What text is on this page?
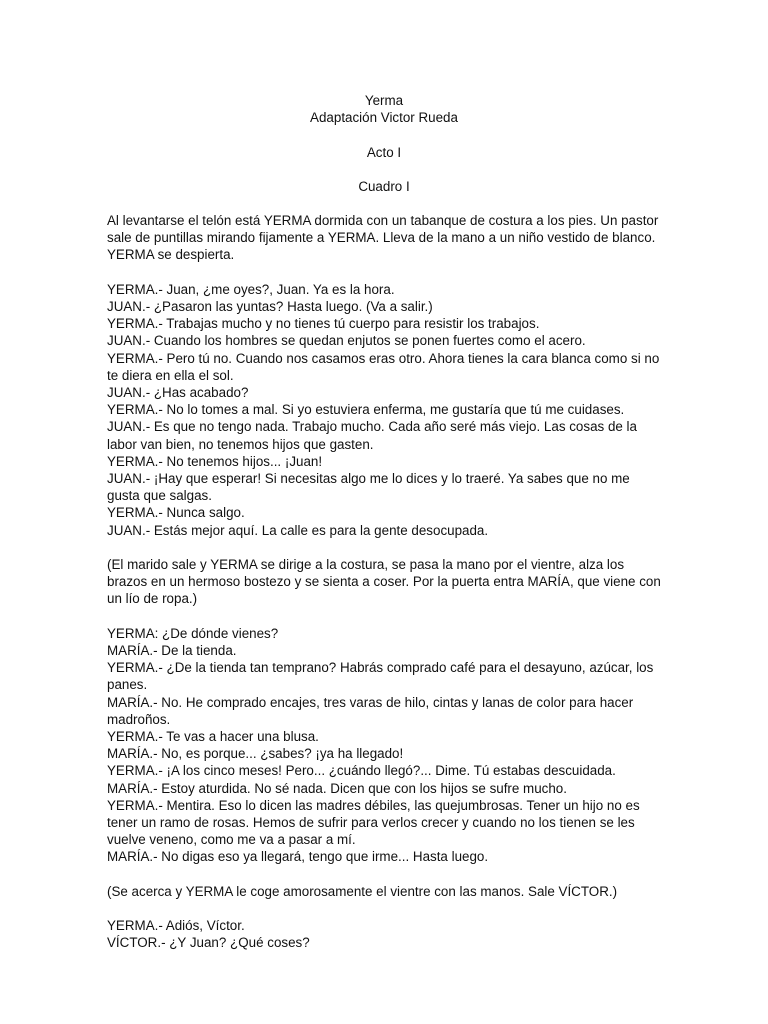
Yerma
Adaptación Victor Rueda
Acto I
Cuadro I

Al levantarse el telón está YERMA dormida con un tabanque de costura a los pies. Un pastor sale de puntillas mirando fijamente a YERMA. Lleva de la mano a un niño vestido de blanco. YERMA se despierta.

YERMA.- Juan, ¿me oyes?, Juan. Ya es la hora.

JUAN.- ¿Pasaron las yuntas? Hasta luego. (Va a salir.)

YERMA.- Trabajas mucho y no tienes tú cuerpo para resistir los trabajos.

JUAN.- Cuando los hombres se quedan enjutos se ponen fuertes como el acero.

YERMA.- Pero tú no. Cuando nos casamos eras otro. Ahora tienes la cara blanca como si no te diera en ella el sol.

JUAN.- ¿Has acabado?

YERMA.- No lo tomes a mal. Si yo estuviera enferma, me gustaría que tú me cuidases.

JUAN.- Es que no tengo nada. Trabajo mucho. Cada año seré más viejo. Las cosas de la labor van bien, no tenemos hijos que gasten.

YERMA.- No tenemos hijos... ¡Juan!

JUAN.- ¡Hay que esperar! Si necesitas algo me lo dices y lo traeré. Ya sabes que no me gusta que salgas.

YERMA.- Nunca salgo.

JUAN.- Estás mejor aquí. La calle es para la gente desocupada.

(El marido sale y YERMA se dirige a la costura, se pasa la mano por el vientre, alza los brazos en un hermoso bostezo y se sienta a coser. Por la puerta entra MARÍA, que viene con un lío de ropa.)

YERMA: ¿De dónde vienes?

MARÍA.- De la tienda.

YERMA.- ¿De la tienda tan temprano? Habrás comprado café para el desayuno, azúcar, los panes.

MARÍA.- No. He comprado encajes, tres varas de hilo, cintas y lanas de color para hacer madroños.

YERMA.- Te vas a hacer una blusa.

MARÍA.- No, es porque... ¿sabes? ¡ya ha llegado!

YERMA.- ¡A los cinco meses! Pero... ¿cuándo llegó?... Dime. Tú estabas descuidada.

MARÍA.- Estoy aturdida. No sé nada. Dicen que con los hijos se sufre mucho.

YERMA.- Mentira. Eso lo dicen las madres débiles, las quejumbrosas. Tener un hijo no es tener un ramo de rosas. Hemos de sufrir para verlos crecer y cuando no los tienen se les vuelve veneno, como me va a pasar a mí.

MARÍA.- No digas eso ya llegará, tengo que irme... Hasta luego.

(Se acerca y YERMA le coge amorosamente el vientre con las manos. Sale VÍCTOR.)

YERMA.- Adiós, Víctor.

VÍCTOR.- ¿Y Juan? ¿Qué coses?
